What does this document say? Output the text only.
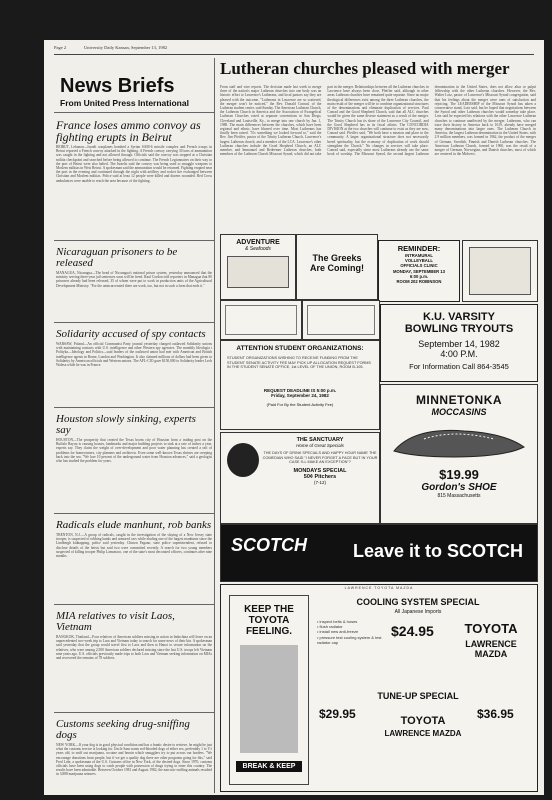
Page 2	University Daily Kansan, September 13, 1982
News Briefs
From United Press International
France loses ammo convoy as fighting erupts in Beirut
BEIRUT, Lebanon—Israeli warplanes bombed a Syrian SAM-6 missile complex and French troops in Beirut reported a French convoy attacked in the fighting. A French convoy carrying 30 tons of ammunition was caught in the fighting and not allowed through. Officials said the convoy was stopped at a Christian militia checkpoint and searched before being allowed to continue. The French Legionnaires on their way to the port of Beirut were also halted. The Israelis said the convoy was being used to smuggle weapons to Moslem militias in West Beirut. A spokesman said the ammunition would be returned. Fighting erupted near the port in the evening and continued through the night with artillery and rocket fire exchanged between Christian and Moslem militias. Police said at least 12 people were killed and dozens wounded. Red Cross ambulances were unable to reach the area because of the fighting.
Nicaraguan prisoners to be released
MANAGUA, Nicaragua—The head of Nicaragua's national prison system, yesterday announced that the ministry serving three-year jail sentences soon will be freed. Raul Cordon told reporters in Managua that 80 prisoners already had been released, 35 of whom were put to work in production units of the Agricultural Development Ministry. "For the unincarcerated there are work, too, but not in such a form that ends it."
Solidarity accused of spy contacts
WARSAW, Poland—An official Communist Party journal yesterday charged outlawed Solidarity unions with maintaining contacts with U.S. intelligence and other Western spy agencies. The monthly Ideologia i Polityka—Ideology and Politics—said leaders of the outlawed union had met with American and British intelligence agents in Rome, London and Washington. It also claimed millions of dollars had been given to Solidarity by American officials and Western unions. The AFL-CIO gave $150,000 to Solidarity leader Lech Walesa while he was in France.
Houston slowly sinking, experts say
HOUSTON—The prosperity that created the Texas boom city of Houston from a trading post on the Buffalo Bayou is causing houses, landmarks and major building projects to sink at a rate of inches a year, experts say. They claim the weight of over-development and poor water planning has created a raft of problems for homeowners, city planners and architects. Even some well-known Texas shrines are creeping back into the sea. "We lose 10 percent of the underground water from Houston advances," said a geologist who has studied the problem for years.
Radicals elude manhunt, rob banks
TRENTON, N.J.—A group of radicals, caught in the investigation of the slaying of a New Jersey state trooper, is suspected of robbing banks and armored cars while eluding one of the largest manhunts since the Lindbergh kidnapping, police said yesterday. Clinton Pagano, state police superintendent, refused to disclose details of the heists but said two were committed recently. A search for two young members suspected of killing trooper Philip Lamonaco, one of the state's most decorated officers, continues after nine months.
MIA relatives to visit Laos, Vietnam
BANGKOK, Thailand—Four relatives of American soldiers missing in action in Indochina will leave on an unprecedented two-week trip to Laos and Vietnam today to search for some news of their kin. A spokesman said yesterday that the group would travel first to Laos and then to Hanoi to secure information on the relatives, who were among 2,500 American soldiers declared missing since the last U.S. troops left Vietnam nine years ago. U.S. officials previously made trips to both Laos and Vietnam seeking information on MIAs and recovered the remains of 78 soldiers.
Customs seeking drug-sniffing dogs
NEW YORK—If your dog is in good physical condition and has a frantic desire to retrieve, he might be just what the customs service is looking for. Uncle Sam wants red-blooded dogs of either sex, preferably 1 to 1½ years old, to sniff out marijuana, cocaine and heroin which smugglers try to put across our borders. "We encourage donations from people, but if we get a quality dog there are other programs going for this," said Fred Lohr, a spokesman of the U.S. Customs office in New York, of the desired dogs. Since 1970, customs officials have been using dogs to catch people with possession of drugs trying to enter this country. The results have been admirable. Between October 1981 and August 1982, the narcotic-sniffing animals resulted in 3,888 marijuana seizures.
Lutheran churches pleased with merger
From staff and wire reports. The decision made last week to merge three of the nation's major Lutheran churches into one body was an historic effort to Lawrence's Lutherans, and local pastors say they are pleased with the outcome. "Lutherans in Lawrence are so scattered, the merger won't be noticed," the Rev. Donald Conrad, of the Lutheran student center, said Sunday. The American Lutheran Church, the Lutheran Church in America and the Association of Evangelical Lutheran Churches voted at separate conventions in San Diego, Cleveland and Louisville, Ky., to merge into one church by Jan. 1, 1988. The main differences between the churches, which have been regional and ethnic, have blurred over time. Most Lutherans has finally been raised. "It's something we looked forward to," said the Rev. Jim Pfeiffer, pastor of the Trinity Lutheran Church, Lawrence's largest Lutheran church, and a member of the LCA. Lawrence's other Lutheran churches include the Good Shepherd Church, an ALC member, and Immanuel and Redeemer Lutheran churches, both members of the Lutheran Church Missouri Synod, which did not take part in the merger. Relationships between all the Lutheran churches in Lawrence have always been close, Pfeiffer said, although in other areas Lutheran churches have remained quite separate. Since no major theological differences exist among the three Lutheran churches, the main result of the merger will be to combine organizational structures of the denominations and eliminate duplication of services. Paul Conrad and the Good Shepherd Church, said that all ALC churches would be given the same diverse statement as a result of the merger. The Trinity Church has its share of the Lawrence City Council, and the Good Shepherd has in its fiscal affairs. The CONCORDIA DIVISION at the two churches will continue to exist as they are now, Conrad said. Pfeiffer said, "We both have a mission and place in the community. A larger organizational structure does not necessarily breed spirituality, but the economy of duplication of work should strengthen the Church." No changes in services will take place. Conrad said, especially since most Lutherans already use the same book of worship. The Missouri Synod, the second largest Lutheran denomination in the United States, does not allow altar or pulpit fellowship with the other Lutheran churches. However, the Rev. Walter Lotz, pastor of Lawrence's Missouri Synod congregation, said that his feelings about the merger were ones of satisfaction and rejoicing. The LEADERSHIP of the Missouri Synod has taken a conservative stand, Lotz said, but he hoped that negotiations between the Synod and other Lutheran churches would someday take place. Lotz said he expected his relations with the other Lawrence Lutheran churches to continue unaffected by the merger. Lutherans, who can trace their history in America back to 1619, already have merged many denominations into larger ones. The Lutheran Church in America, the largest Lutheran denomination in the United States, with 2.9 million members, was formed in 1962, the product of the merger of German, Swedish, Finnish and Danish Lutheran churches. The American Lutheran Church, formed in 1960, was the result of a merger of German, Norwegian, and Danish churches, most of which are centered in the Midwest.
ADVENTURE
& Seafoods
The Greeks
Are Coming!
REMINDER:
INTRAMURAL
VOLLEYBALL
OFFICIALS CLINIC
MONDAY, SEPTEMBER 13
6:00 p.m.
ROOM 202 ROBINSON
K.U. VARSITY
BOWLING TRYOUTS
September 14, 1982
4:00 P.M.
For Information Call 864-3545
ATTENTION STUDENT ORGANIZATIONS:
STUDENT ORGANIZATIONS WISHING TO RECEIVE FUNDING FROM THE STUDENT SENATE ACTIVITY FEE MAY PICK UP ALLOCATION REQUEST FORMS IN THE STUDENT SENATE OFFICE, 1st LEVEL OF THE UNION, ROOM B-105.
REQUEST DEADLINE IS 5:00 p.m.
Friday, September 24, 1982
(Paid For By the Student Activity Fee)
THE SANCTUARY
Home of Great Specials
THE DAYS OF DRINK SPECIALS AND HAPPY HOUR NAME THE COMEDIAN WHO SAID "I NEVER FORGET A FACE BUT IN YOUR CASE I'LL MAKE AN EXCEPTION"?
MONDAYS SPECIAL
50¢ Pitchers
(7-12)
MINNETONKA
MOCCASINS
$19.99
Gordon's SHOE
815 Massachusetts
SCOTCH	Leave it to SCOTCH
LAWRENCE TOYOTA MAZDA
KEEP THE TOYOTA FEELING.
BREAK & KEEP
COOLING SYSTEM SPECIAL
All Japanese Imports
• inspect belts & hoses
• flush radiator
• install new anti-freeze
• pressure test cooling system & test radiator cap
$24.95	TOYOTA
LAWRENCE MAZDA
TUNE-UP SPECIAL
$29.95	$36.95
TOYOTA
LAWRENCE MAZDA
